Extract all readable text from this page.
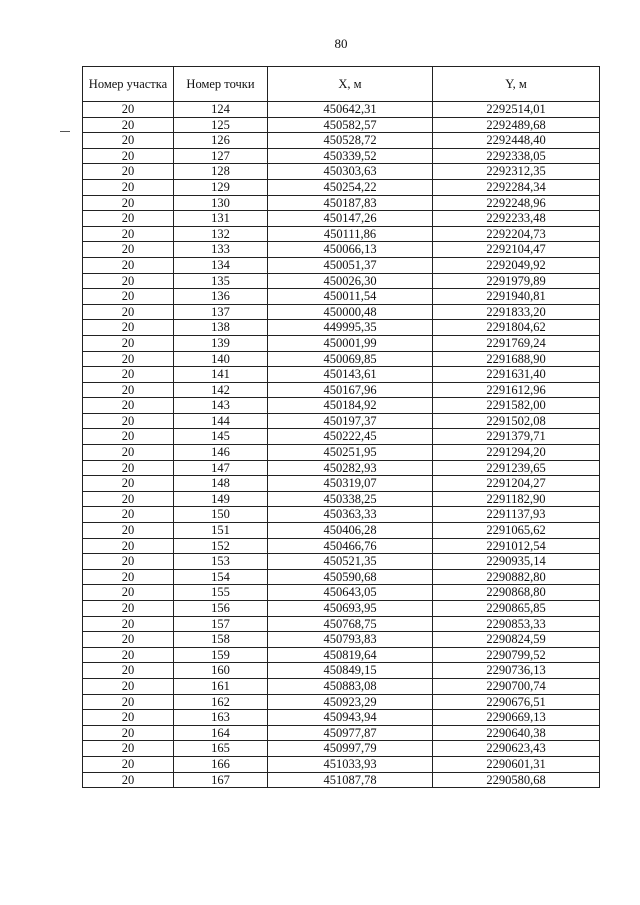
80
Номер участка	Номер точки	X, м	Y, м
20	124	450642,31	2292514,01
20	125	450582,57	2292489,68
20	126	450528,72	2292448,40
20	127	450339,52	2292338,05
20	128	450303,63	2292312,35
20	129	450254,22	2292284,34
20	130	450187,83	2292248,96
20	131	450147,26	2292233,48
20	132	450111,86	2292204,73
20	133	450066,13	2292104,47
20	134	450051,37	2292049,92
20	135	450026,30	2291979,89
20	136	450011,54	2291940,81
20	137	450000,48	2291833,20
20	138	449995,35	2291804,62
20	139	450001,99	2291769,24
20	140	450069,85	2291688,90
20	141	450143,61	2291631,40
20	142	450167,96	2291612,96
20	143	450184,92	2291582,00
20	144	450197,37	2291502,08
20	145	450222,45	2291379,71
20	146	450251,95	2291294,20
20	147	450282,93	2291239,65
20	148	450319,07	2291204,27
20	149	450338,25	2291182,90
20	150	450363,33	2291137,93
20	151	450406,28	2291065,62
20	152	450466,76	2291012,54
20	153	450521,35	2290935,14
20	154	450590,68	2290882,80
20	155	450643,05	2290868,80
20	156	450693,95	2290865,85
20	157	450768,75	2290853,33
20	158	450793,83	2290824,59
20	159	450819,64	2290799,52
20	160	450849,15	2290736,13
20	161	450883,08	2290700,74
20	162	450923,29	2290676,51
20	163	450943,94	2290669,13
20	164	450977,87	2290640,38
20	165	450997,79	2290623,43
20	166	451033,93	2290601,31
20	167	451087,78	2290580,68
